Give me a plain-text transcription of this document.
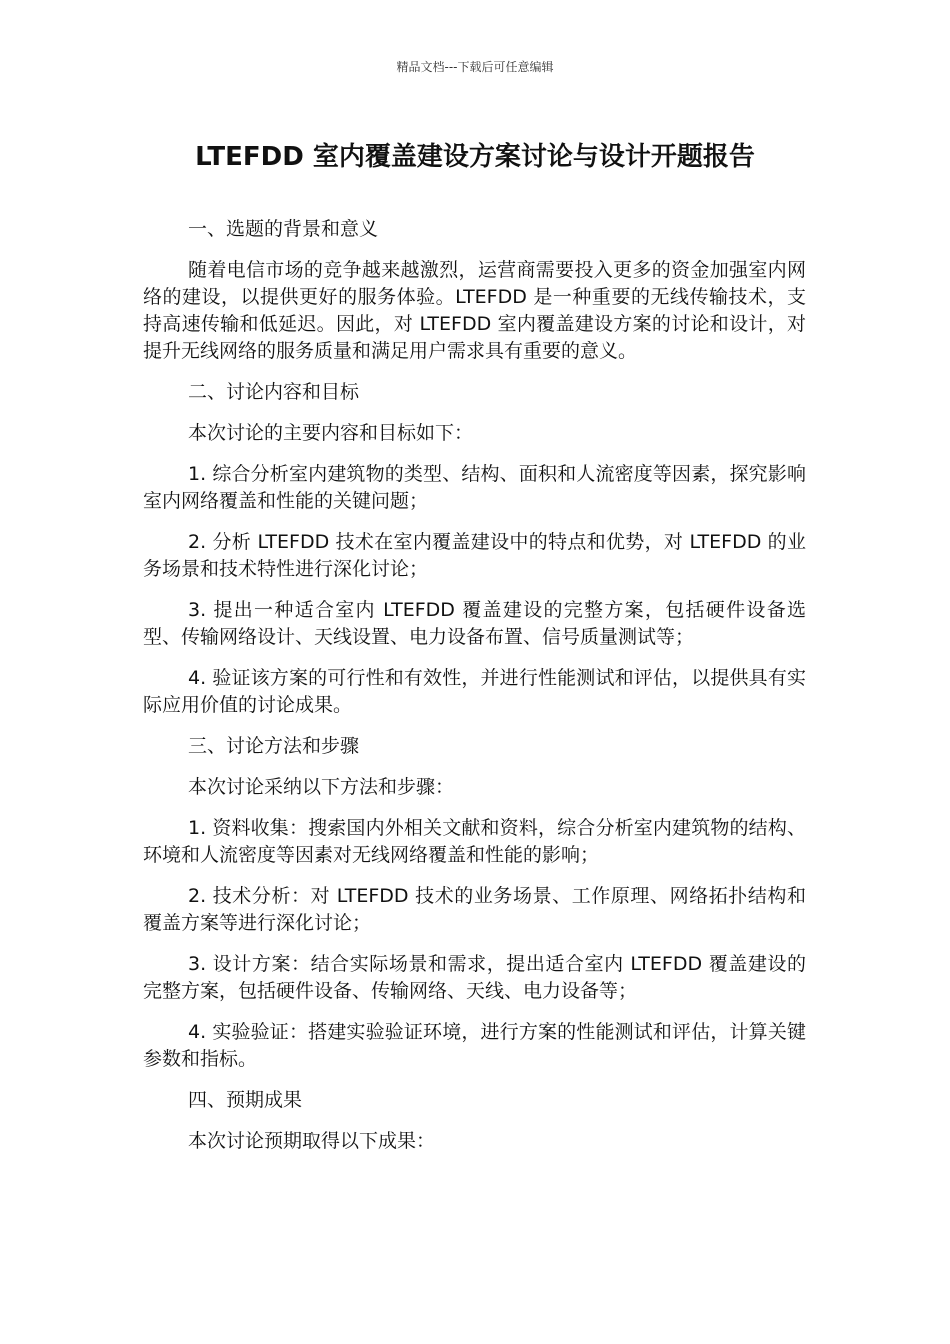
精品文档---下载后可任意编辑
LTEFDD 室内覆盖建设方案讨论与设计开题报告

一、选题的背景和意义

随着电信市场的竞争越来越激烈，运营商需要投入更多的资金加强室内网络的建设，以提供更好的服务体验。LTEFDD 是一种重要的无线传输技术，支持高速传输和低延迟。因此，对 LTEFDD 室内覆盖建设方案的讨论和设计，对提升无线网络的服务质量和满足用户需求具有重要的意义。

二、讨论内容和目标

本次讨论的主要内容和目标如下：

1. 综合分析室内建筑物的类型、结构、面积和人流密度等因素，探究影响室内网络覆盖和性能的关键问题；

2. 分析 LTEFDD 技术在室内覆盖建设中的特点和优势，对 LTEFDD 的业务场景和技术特性进行深化讨论；

3. 提出一种适合室内 LTEFDD 覆盖建设的完整方案，包括硬件设备选型、传输网络设计、天线设置、电力设备布置、信号质量测试等；

4. 验证该方案的可行性和有效性，并进行性能测试和评估，以提供具有实际应用价值的讨论成果。

三、讨论方法和步骤

本次讨论采纳以下方法和步骤：

1. 资料收集：搜索国内外相关文献和资料，综合分析室内建筑物的结构、环境和人流密度等因素对无线网络覆盖和性能的影响；

2. 技术分析：对 LTEFDD 技术的业务场景、工作原理、网络拓扑结构和覆盖方案等进行深化讨论；

3. 设计方案：结合实际场景和需求，提出适合室内 LTEFDD 覆盖建设的完整方案，包括硬件设备、传输网络、天线、电力设备等；

4. 实验验证：搭建实验验证环境，进行方案的性能测试和评估，计算关键参数和指标。

四、预期成果

本次讨论预期取得以下成果：
